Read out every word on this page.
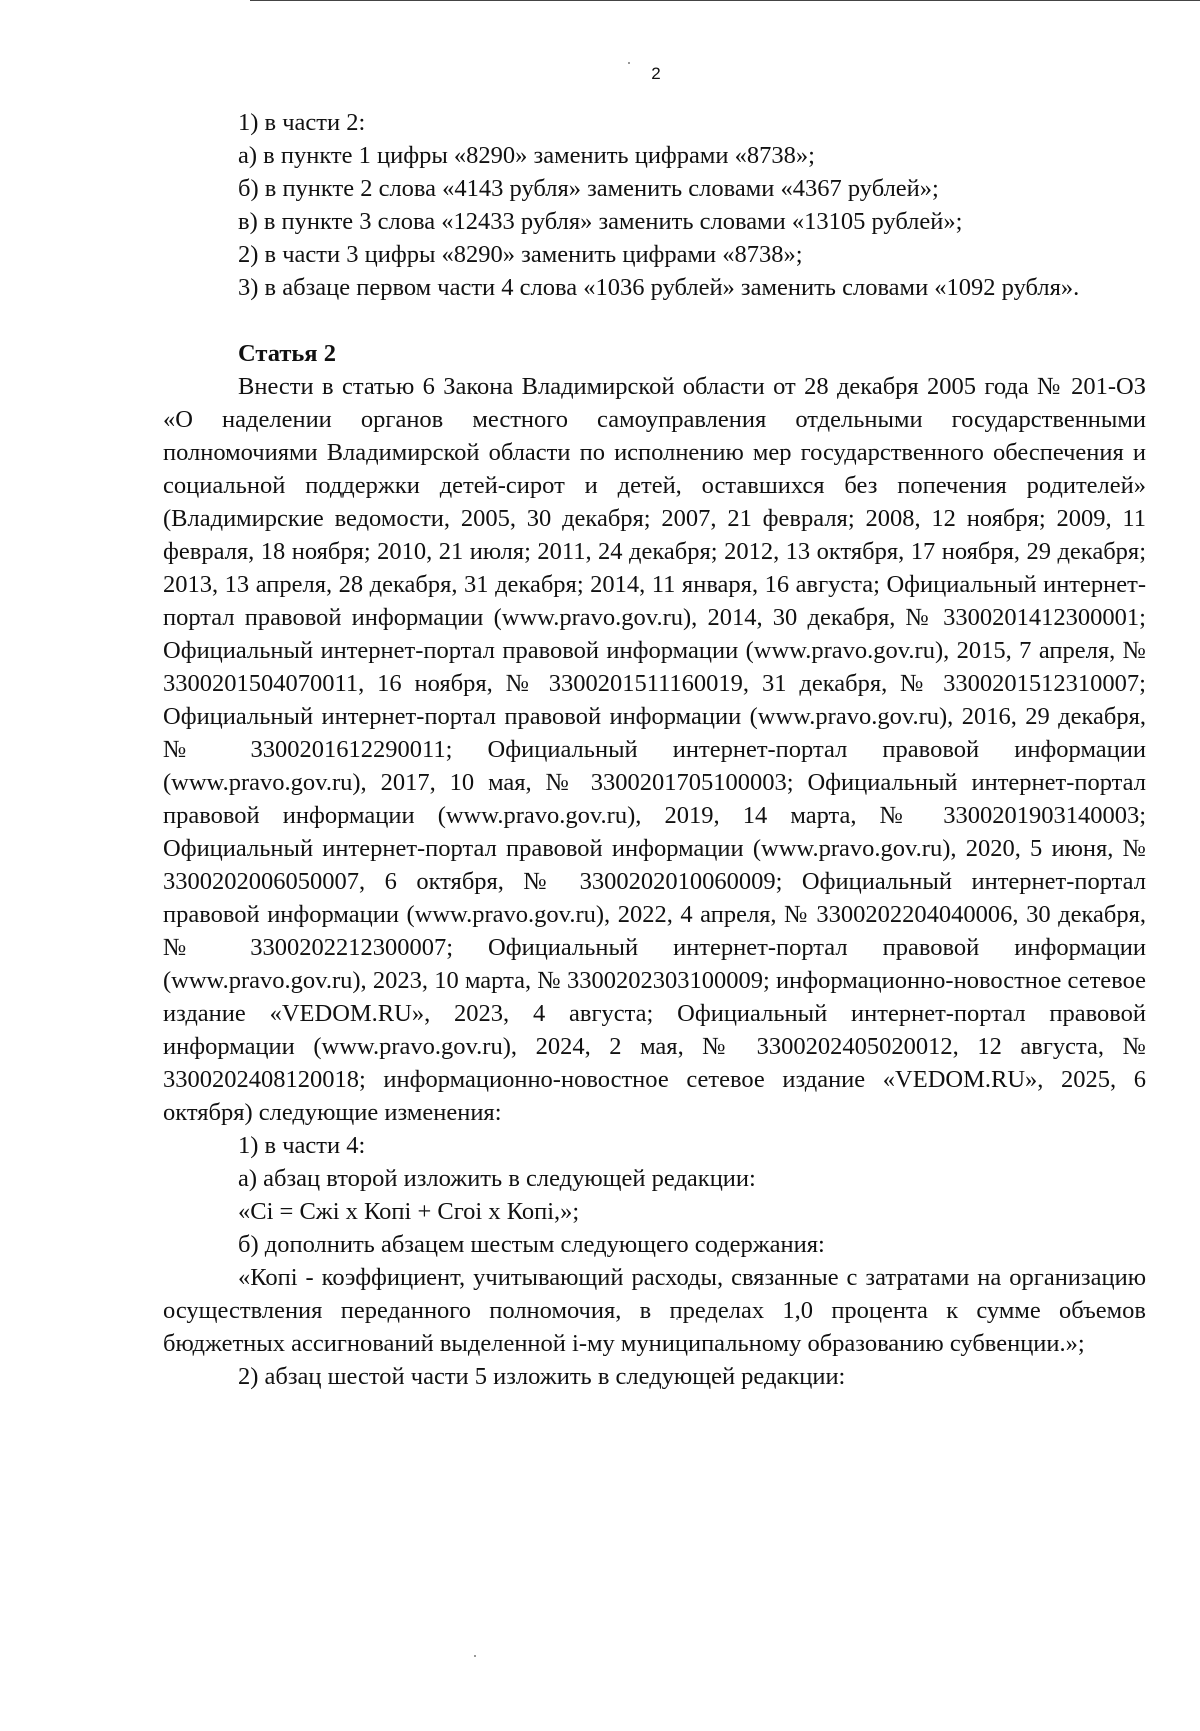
2

1) в части 2:

а) в пункте 1 цифры «8290» заменить цифрами «8738»;

б) в пункте 2 слова «4143 рубля» заменить словами «4367 рублей»;

в) в пункте 3 слова «12433 рубля» заменить словами «13105 рублей»;

2) в части 3 цифры «8290» заменить цифрами «8738»;

3) в абзаце первом части 4 слова «1036 рублей» заменить словами «1092 рубля».

Статья 2

Внести в статью 6 Закона Владимирской области от 28 декабря 2005 года № 201-ОЗ «О наделении органов местного самоуправления отдельными государственными полномочиями Владимирской области по исполнению мер государственного обеспечения и социальной поддержки детей-сирот и детей, оставшихся без попечения родителей» (Владимирские ведомости, 2005, 30 декабря; 2007, 21 февраля; 2008, 12 ноября; 2009, 11 февраля, 18 ноября; 2010, 21 июля; 2011, 24 декабря; 2012, 13 октября, 17 ноября, 29 декабря; 2013, 13 апреля, 28 декабря, 31 декабря; 2014, 11 января, 16 августа; Официальный интернет-портал правовой информации (www.pravo.gov.ru), 2014, 30 декабря, № 3300201412300001; Официальный интернет-портал правовой информации (www.pravo.gov.ru), 2015, 7 апреля, № 3300201504070011, 16 ноября, № 3300201511160019, 31 декабря, № 3300201512310007; Официальный интернет-портал правовой информации (www.pravo.gov.ru), 2016, 29 декабря, № 3300201612290011; Официальный интернет-портал правовой информации (www.pravo.gov.ru), 2017, 10 мая, № 3300201705100003; Официальный интернет-портал правовой информации (www.pravo.gov.ru), 2019, 14 марта, № 3300201903140003; Официальный интернет-портал правовой информации (www.pravo.gov.ru), 2020, 5 июня, № 3300202006050007, 6 октября, № 3300202010060009; Официальный интернет-портал правовой информации (www.pravo.gov.ru), 2022, 4 апреля, № 3300202204040006, 30 декабря, № 3300202212300007; Официальный интернет-портал правовой информации (www.pravo.gov.ru), 2023, 10 марта, № 3300202303100009; информационно-новостное сетевое издание «VEDOM.RU», 2023, 4 августа; Официальный интернет-портал правовой информации (www.pravo.gov.ru), 2024, 2 мая, № 3300202405020012, 12 августа, № 3300202408120018; информационно-новостное сетевое издание «VEDOM.RU», 2025, 6 октября) следующие изменения:

1) в части 4:

а) абзац второй изложить в следующей редакции:

«Сi = Сжi х Копi + Сгоi х Копi,»;

б) дополнить абзацем шестым следующего содержания:

«Копi - коэффициент, учитывающий расходы, связанные с затратами на организацию осуществления переданного полномочия, в пределах 1,0 процента к сумме объемов бюджетных ассигнований выделенной i-му муниципальному образованию субвенции.»;

2) абзац шестой части 5 изложить в следующей редакции:
